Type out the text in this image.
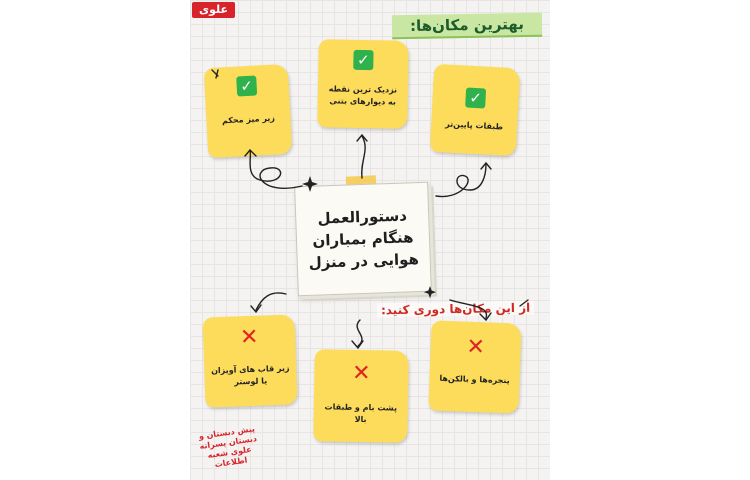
علوی
بهترین مکان‌ها:
✓
زیر میز محکم
✓
نزدیک ترین نقطه به دیوارهای بتنی	✓
طبقات پایین‌تر
دستورالعمل هنگام بمباران هوایی در منزل
از این مکان‌ها دوری کنید:
✕
زیر قاب های آویزان یا لوستر	✕
پشت بام و طبقات بالا
✕
پنجره‌ها و بالکن‌ها
پیش دبستان و دبستان پسرانه علوی شعبه اطلاعات
